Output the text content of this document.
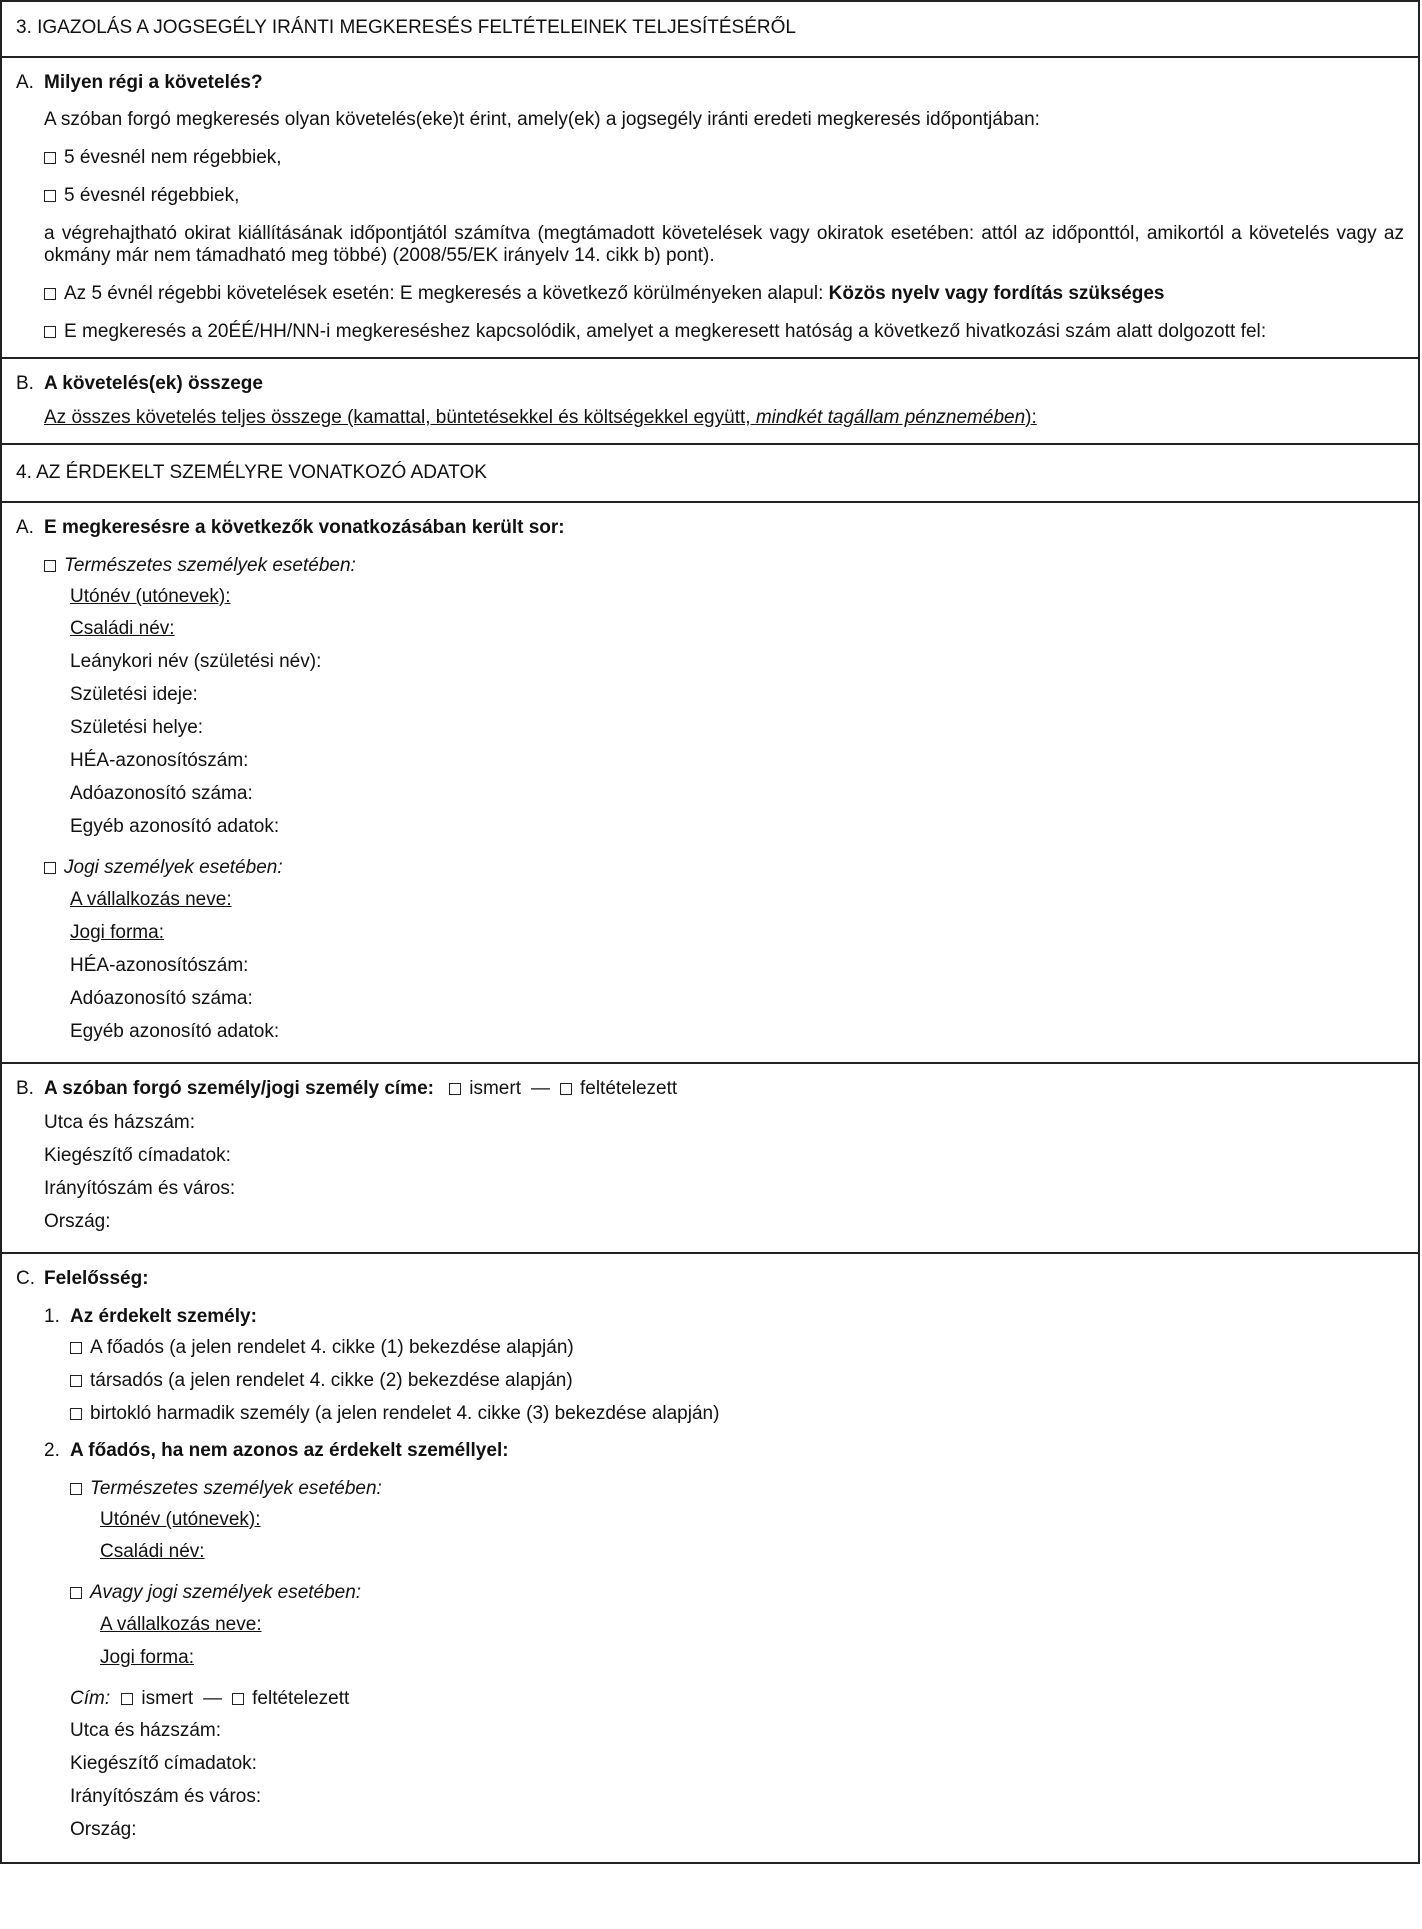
3. IGAZOLÁS A JOGSEGÉLY IRÁNTI MEGKERESÉS FELTÉTELEINEK TELJESÍTÉSÉRŐL

A. Milyen régi a követelés?

A szóban forgó megkeresés olyan követelés(eke)t érint, amely(ek) a jogsegély iránti eredeti megkeresés időpontjában:

5 évesnél nem régebbiek,

5 évesnél régebbiek,

a végrehajtható okirat kiállításának időpontjától számítva (megtámadott követelések vagy okiratok esetében: attól az időponttól, amikortól a követelés vagy az okmány már nem támadható meg többé) (2008/55/EK irányelv 14. cikk b) pont).

Az 5 évnél régebbi követelések esetén: E megkeresés a következő körülményeken alapul: Közös nyelv vagy fordítás szükséges

E megkeresés a 20ÉÉ/HH/NN-i megkereséshez kapcsolódik, amelyet a megkeresett hatóság a következő hivatkozási szám alatt dolgozott fel:

B. A követelés(ek) összege

Az összes követelés teljes összege (kamattal, büntetésekkel és költségekkel együtt, mindkét tagállam pénznemében):

4. AZ ÉRDEKELT SZEMÉLYRE VONATKOZÓ ADATOK

A. E megkeresésre a következők vonatkozásában került sor:

Természetes személyek esetében:

Utónév (utónevek):

Családi név:

Leánykori név (születési név):

Születési ideje:

Születési helye:

HÉA-azonosítószám:

Adóazonosító száma:

Egyéb azonosító adatok:

Jogi személyek esetében:

A vállalkozás neve:

Jogi forma:

HÉA-azonosítószám:

Adóazonosító száma:

Egyéb azonosító adatok:

B. A szóban forgó személy/jogi személy címe: ismert — feltételezett

Utca és házszám:

Kiegészítő címadatok:

Irányítószám és város:

Ország:

C. Felelősség:

1. Az érdekelt személy:

A főadós (a jelen rendelet 4. cikke (1) bekezdése alapján)

társadós (a jelen rendelet 4. cikke (2) bekezdése alapján)

birtokló harmadik személy (a jelen rendelet 4. cikke (3) bekezdése alapján)

2. A főadós, ha nem azonos az érdekelt személlyel:

Természetes személyek esetében:

Utónév (utónevek):

Családi név:

Avagy jogi személyek esetében:

A vállalkozás neve:

Jogi forma:

Cím: ismert — feltételezett

Utca és házszám:

Kiegészítő címadatok:

Irányítószám és város:

Ország:
